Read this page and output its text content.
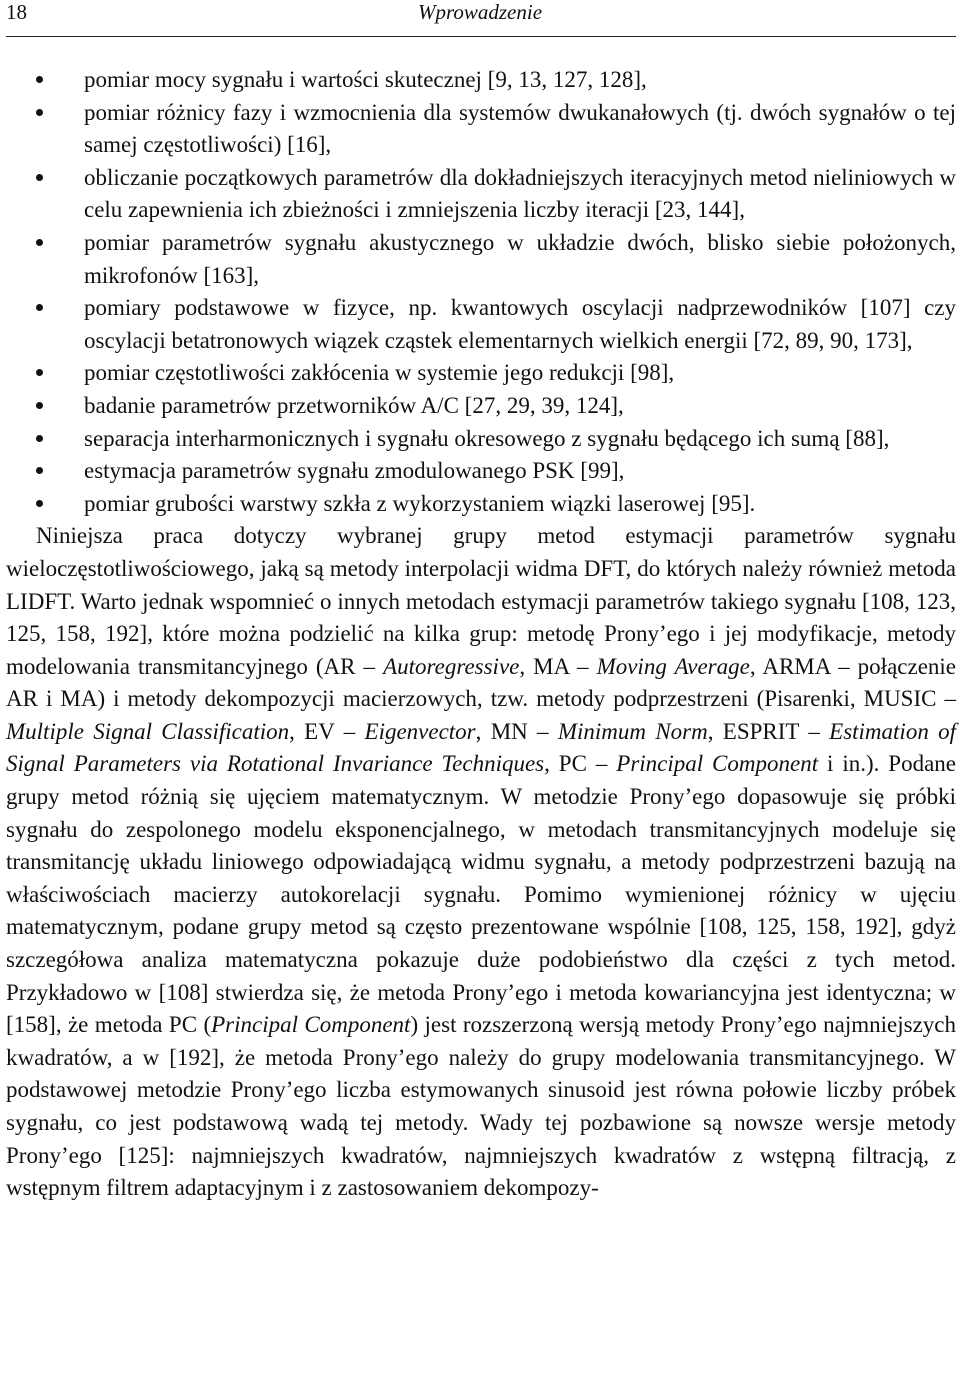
18	Wprowadzenie
pomiar mocy sygnału i wartości skutecznej [9, 13, 127, 128],
pomiar różnicy fazy i wzmocnienia dla systemów dwukanałowych (tj. dwóch sygnałów o tej samej częstotliwości) [16],
obliczanie początkowych parametrów dla dokładniejszych iteracyjnych metod nieliniowych w celu zapewnienia ich zbieżności i zmniejszenia liczby iteracji [23, 144],
pomiar parametrów sygnału akustycznego w układzie dwóch, blisko siebie położonych, mikrofonów [163],
pomiary podstawowe w fizyce, np. kwantowych oscylacji nadprzewodników [107] czy oscylacji betatronowych wiązek cząstek elementarnych wielkich energii [72, 89, 90, 173],
pomiar częstotliwości zakłócenia w systemie jego redukcji [98],
badanie parametrów przetworników A/C [27, 29, 39, 124],
separacja interharmonicznych i sygnału okresowego z sygnału będącego ich sumą [88],
estymacja parametrów sygnału zmodulowanego PSK [99],
pomiar grubości warstwy szkła z wykorzystaniem wiązki laserowej [95].

Niniejsza praca dotyczy wybranej grupy metod estymacji parametrów sygnału wieloczęstotliwościowego, jaką są metody interpolacji widma DFT, do których należy również metoda LIDFT. Warto jednak wspomnieć o innych metodach estymacji parametrów takiego sygnału [108, 123, 125, 158, 192], które można podzielić na kilka grup: metodę Prony’ego i jej modyfikacje, metody modelowania transmitancyjnego (AR – Autoregressive, MA – Moving Average, ARMA – połączenie AR i MA) i metody dekompozycji macierzowych, tzw. metody podprzestrzeni (Pisarenki, MUSIC – Multiple Signal Classification, EV – Eigenvector, MN – Minimum Norm, ESPRIT – Estimation of Signal Parameters via Rotational Invariance Techniques, PC – Principal Component i in.). Podane grupy metod różnią się ujęciem matematycznym. W metodzie Prony’ego dopasowuje się próbki sygnału do zespolonego modelu eksponencjalnego, w metodach transmitancyjnych modeluje się transmitancję układu liniowego odpowiadającą widmu sygnału, a metody podprzestrzeni bazują na właściwościach macierzy autokorelacji sygnału. Pomimo wymienionej różnicy w ujęciu matematycznym, podane grupy metod są często prezentowane wspólnie [108, 125, 158, 192], gdyż szczegółowa analiza matematyczna pokazuje duże podobieństwo dla części z tych metod. Przykładowo w [108] stwierdza się, że metoda Prony’ego i metoda kowariancyjna jest identyczna; w [158], że metoda PC (Principal Component) jest rozszerzoną wersją metody Prony’ego najmniejszych kwadratów, a w [192], że metoda Prony’ego należy do grupy modelowania transmitancyjnego. W podstawowej metodzie Prony’ego liczba estymowanych sinusoid jest równa połowie liczby próbek sygnału, co jest podstawową wadą tej metody. Wady tej pozbawione są nowsze wersje metody Prony’ego [125]: najmniejszych kwadratów, najmniejszych kwadratów z wstępną filtracją, z wstępnym filtrem adaptacyjnym i z zastosowaniem dekompozy-
